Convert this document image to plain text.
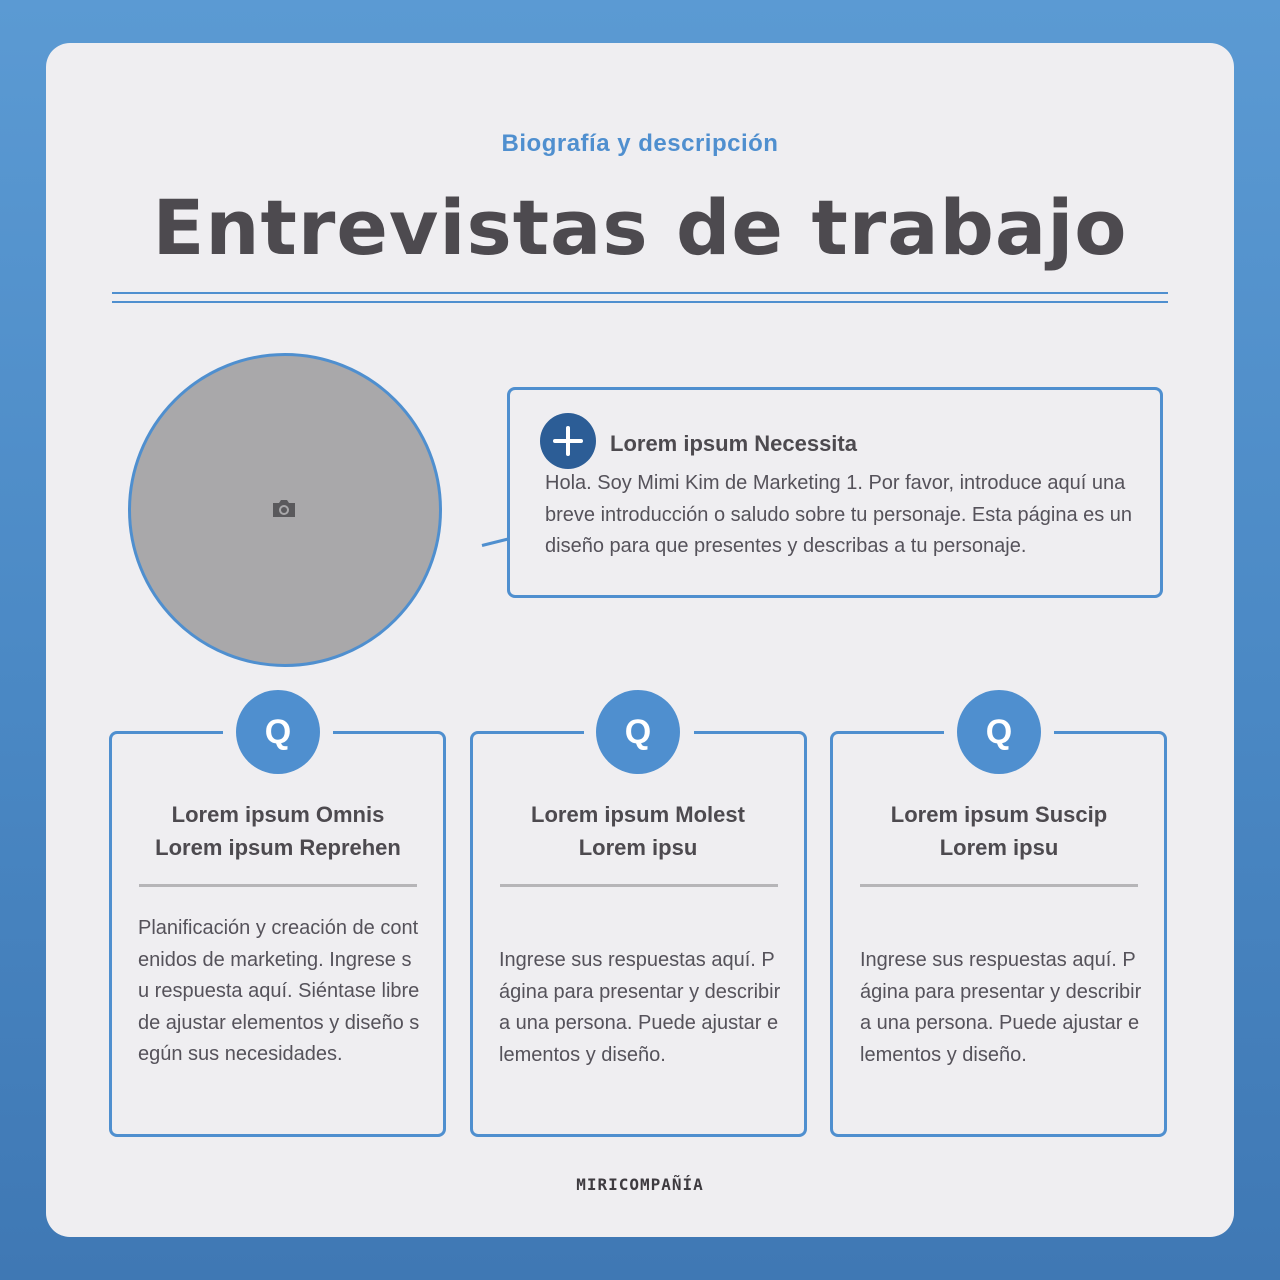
Biografía y descripción
Entrevistas de trabajo
Lorem ipsum Necessita
Hola. Soy Mimi Kim de Marketing 1. Por favor, introduce aquí una breve introducción o saludo sobre tu personaje. Esta página es un diseño para que presentes y describas a tu personaje.
Q
Lorem ipsum Omnis
Lorem ipsum Reprehen
Planificación y creación de contenidos de marketing. Ingrese su respuesta aquí. Siéntase libre de ajustar elementos y diseño según sus necesidades.
Q
Lorem ipsum Molest
Lorem ipsu
Ingrese sus respuestas aquí. Página para presentar y describir a una persona. Puede ajustar elementos y diseño.
Q
Lorem ipsum Suscip
Lorem ipsu
Ingrese sus respuestas aquí. Página para presentar y describir a una persona. Puede ajustar elementos y diseño.
MIRICOMPAÑÍA
